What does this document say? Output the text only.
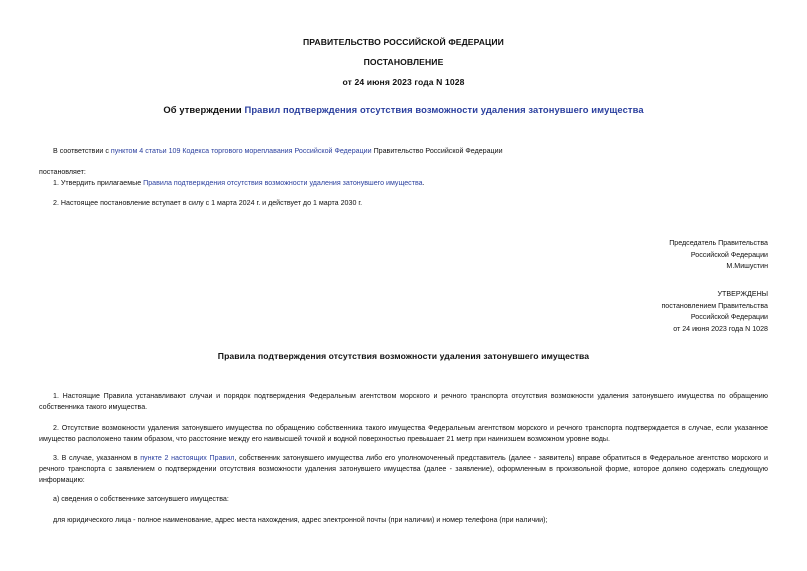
ПРАВИТЕЛЬСТВО РОССИЙСКОЙ ФЕДЕРАЦИИ
ПОСТАНОВЛЕНИЕ
от 24 июня 2023 года N 1028
Об утверждении Правил подтверждения отсутствия возможности удаления затонувшего имущества
В соответствии с пунктом 4 статьи 109 Кодекса торгового мореплавания Российской Федерации Правительство Российской Федерации
постановляет:
1. Утвердить прилагаемые Правила подтверждения отсутствия возможности удаления затонувшего имущества.
2. Настоящее постановление вступает в силу с 1 марта 2024 г. и действует до 1 марта 2030 г.
Председатель Правительства
Российской Федерации
М.Мишустин
УТВЕРЖДЕНЫ
постановлением Правительства
Российской Федерации
от 24 июня 2023 года N 1028
Правила подтверждения отсутствия возможности удаления затонувшего имущества
1. Настоящие Правила устанавливают случаи и порядок подтверждения Федеральным агентством морского и речного транспорта отсутствия возможности удаления затонувшего имущества по обращению собственника такого имущества.
2. Отсутствие возможности удаления затонувшего имущества по обращению собственника такого имущества Федеральным агентством морского и речного транспорта подтверждается в случае, если указанное имущество расположено таким образом, что расстояние между его наивысшей точкой и водной поверхностью превышает 21 метр при наинизшем возможном уровне воды.
3. В случае, указанном в пункте 2 настоящих Правил, собственник затонувшего имущества либо его уполномоченный представитель (далее - заявитель) вправе обратиться в Федеральное агентство морского и речного транспорта с заявлением о подтверждении отсутствия возможности удаления затонувшего имущества (далее - заявление), оформленным в произвольной форме, которое должно содержать следующую информацию:
а) сведения о собственнике затонувшего имущества:
для юридического лица - полное наименование, адрес места нахождения, адрес электронной почты (при наличии) и номер телефона (при наличии);
